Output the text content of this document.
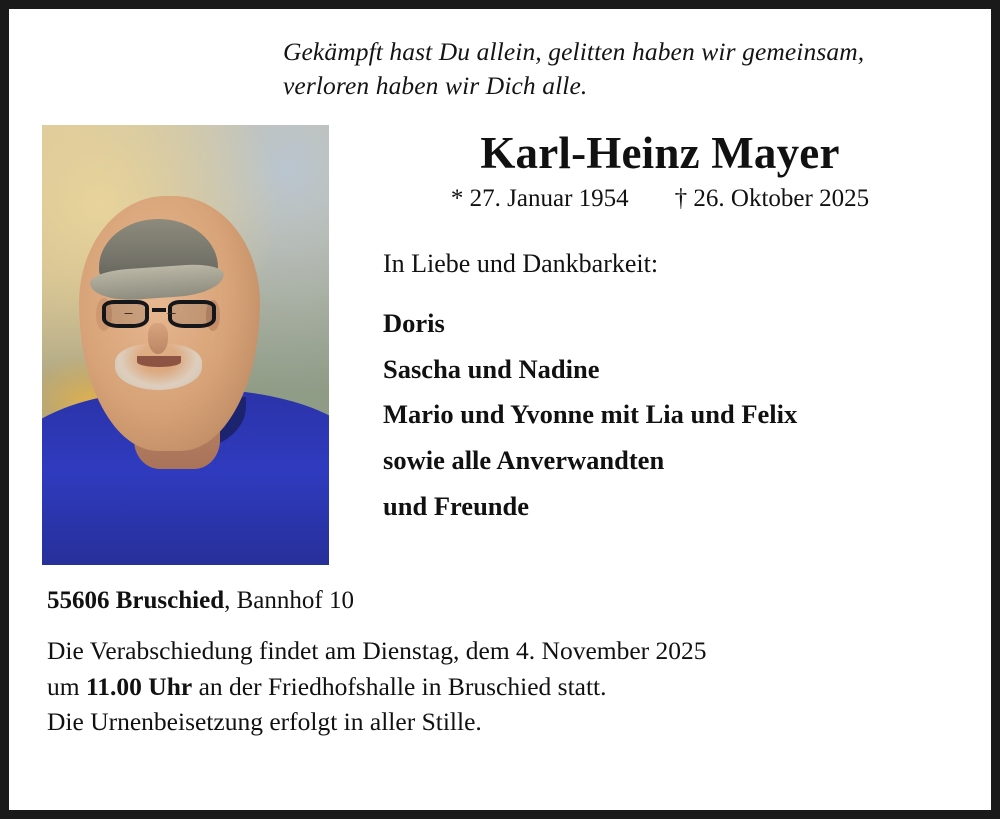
Gekämpft hast Du allein, gelitten haben wir gemeinsam,
verloren haben wir Dich alle.

Karl-Heinz Mayer
* 27. Januar 1954 † 26. Oktober 2025
In Liebe und Dankbarkeit:
Doris
Sascha und Nadine
Mario und Yvonne mit Lia und Felix
sowie alle Anverwandten
und Freunde
55606 Bruschied, Bannhof 10
Die Verabschiedung findet am Dienstag, dem 4. November 2025
um 11.00 Uhr an der Friedhofshalle in Bruschied statt.
Die Urnenbeisetzung erfolgt in aller Stille.
